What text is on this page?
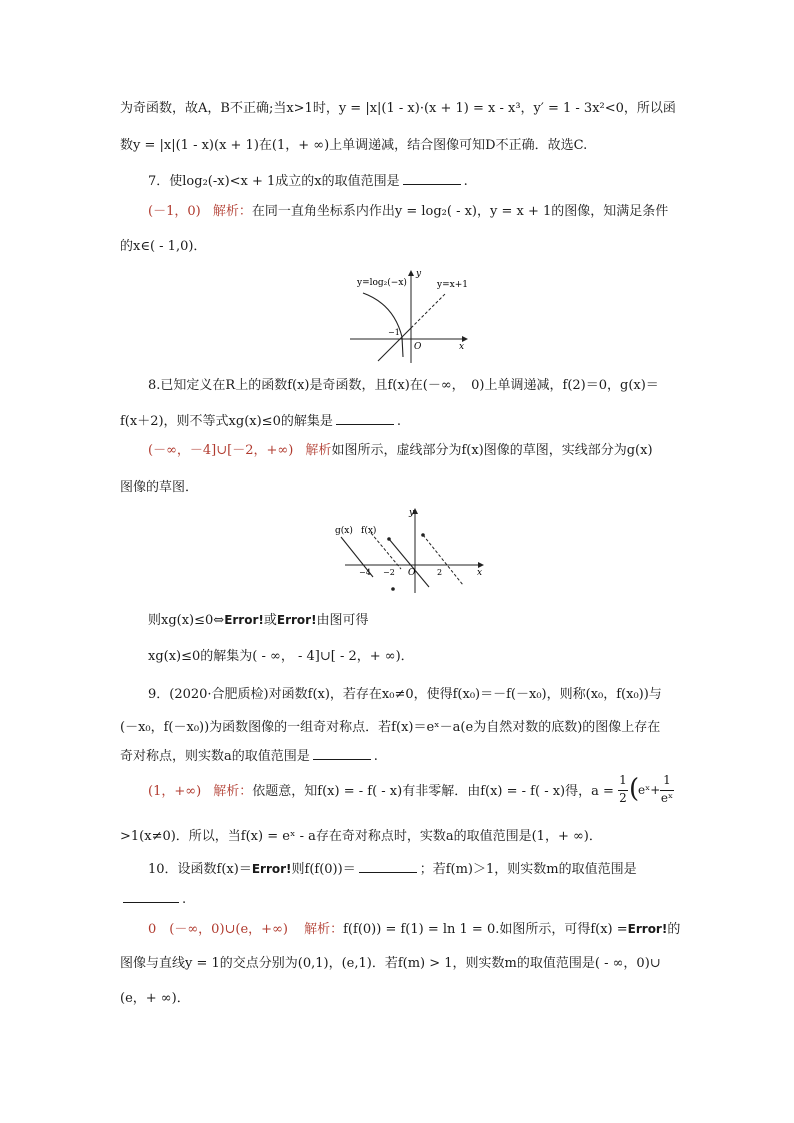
为奇函数，故A，B不正确;当x>1时，y = |x|(1 - x)·(x + 1) = x - x³，y′ = 1 - 3x²<0，所以函
数y = |x|(1 - x)(x + 1)在(1，+ ∞)上单调递减，结合图像可知D不正确．故选C.
7．使log₂(-x)<x + 1成立的x的取值范围是	.
(－1，0) 解析：在同一直角坐标系内作出y = log₂( - x)，y = x + 1的图像，知满足条件
的x∈( - 1,0)．
y=log₂(−x)	y=x+1
y
x
O
−1
8.已知定义在R上的函数f(x)是奇函数，且f(x)在(－∞，　0)上单调递减，f(2)＝0，g(x)＝
f(x＋2)，则不等式xg(x)≤0的解集是	.
(－∞，－4]∪[－2，+∞) 解析如图所示，虚线部分为f(x)图像的草图，实线部分为g(x)
图像的草图．
g(x) f(x)
y
x
O
−4 −2	2
则xg(x)≤0⇔Error!或Error!由图可得
xg(x)≤0的解集为( - ∞， - 4]∪[ - 2，+ ∞)．
9．(2020·合肥质检)对函数f(x)，若存在x₀≠0，使得f(x₀)＝－f(－x₀)，则称(x₀，f(x₀))与
(－x₀，f(－x₀))为函数图像的一组奇对称点．若f(x)＝eˣ－a(e为自然对数的底数)的图像上存在
奇对称点，则实数a的取值范围是	.
(1，+∞) 解析：依题意，知f(x) = - f( - x)有非零解．由f(x) = - f( - x)得，a =
1
2 (
eˣ+
1
eˣ
>1(x≠0)．所以，当f(x) = eˣ - a存在奇对称点时，实数a的取值范围是(1，+ ∞)．
10．设函数f(x)＝Error!则f(f(0))＝	；若f(m)＞1，则实数m的取值范围是
.
0　(－∞，0)∪(e，+∞) 解析：f(f(0)) = f(1) = ln 1 = 0.如图所示，可得f(x) =Error!的
图像与直线y = 1的交点分别为(0,1)，(e,1)．若f(m) > 1，则实数m的取值范围是( - ∞，0)∪
(e，+ ∞)．
